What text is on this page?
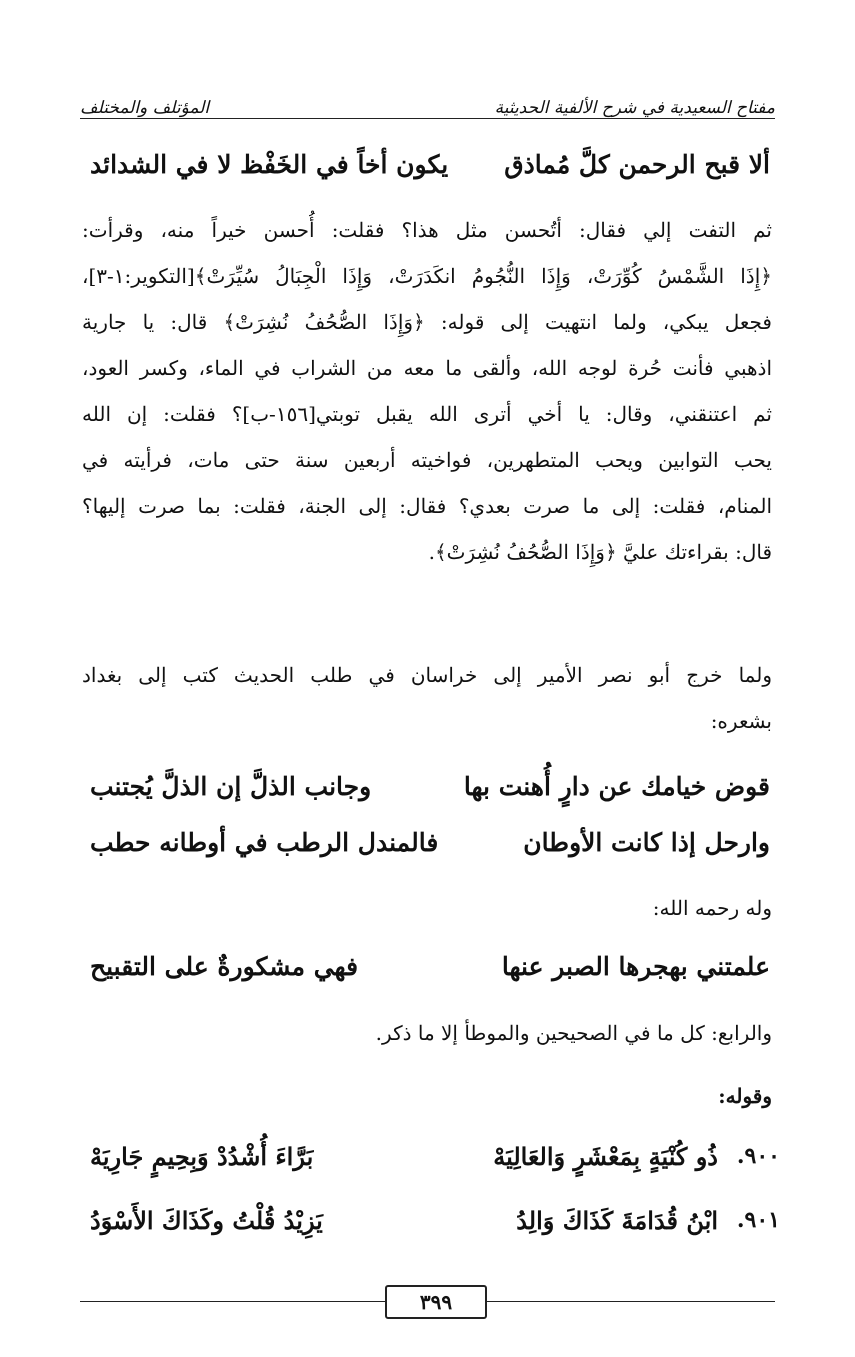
مفتاح السعيدية في شرح الألفية الحديثية
المؤتلف والمختلف
ألا قبح الرحمن كلَّ مُماذق
يكون أخاً في الخَفْظ لا في الشدائد
ثم التفت إلي فقال: أتُحسن مثل هذا؟ فقلت: أُحسن خيراً منه، وقرأت:
﴿إِذَا الشَّمْسُ كُوِّرَتْ، وَإِذَا النُّجُومُ انكَدَرَتْ، وَإِذَا الْجِبَالُ سُيِّرَتْ﴾[التكوير:١-٣]،
فجعل يبكي، ولما انتهيت إلى قوله: ﴿وَإِذَا الصُّحُفُ نُشِرَتْ﴾ قال: يا جارية
اذهبي فأنت حُرة لوجه الله، وألقى ما معه من الشراب في الماء، وكسر العود،
ثم اعتنقني، وقال: يا أخي أترى الله يقبل توبتي[١٥٦-ب]؟ فقلت: إن الله
يحب التوابين ويحب المتطهرين، فواخيته أربعين سنة حتى مات، فرأيته في
المنام، فقلت: إلى ما صرت بعدي؟ فقال: إلى الجنة، فقلت: بما صرت إليها؟
قال: بقراءتك عليَّ ﴿وَإِذَا الصُّحُفُ نُشِرَتْ﴾.
ولما خرج أبو نصر الأمير إلى خراسان في طلب الحديث كتب إلى بغداد
بشعره:
قوض خيامك عن دارٍ أُهنت بها
وجانب الذلَّ إن الذلَّ يُجتنب
وارحل إذا كانت الأوطان
فالمندل الرطب في أوطانه حطب
وله رحمه الله:
علمتني بهجرها الصبر عنها
فهي مشكورةٌ على التقبيح
والرابع: كل ما في الصحيحين والموطأ إلا ما ذكر.
وقوله:
٩٠٠.
ذُو كُنْيَةٍ بِمَعْشَرٍ وَالعَالِيَهْ
بَرَّاءَ أُشْدُدْ وَبِحِيمٍ جَارِيَهْ
٩٠١.
ابْنُ قُدَامَةَ كَذَاكَ وَالِدُ
يَزِيْدُ قُلْتُ وكَذَاكَ الأَسْوَدُ
٣٩٩
